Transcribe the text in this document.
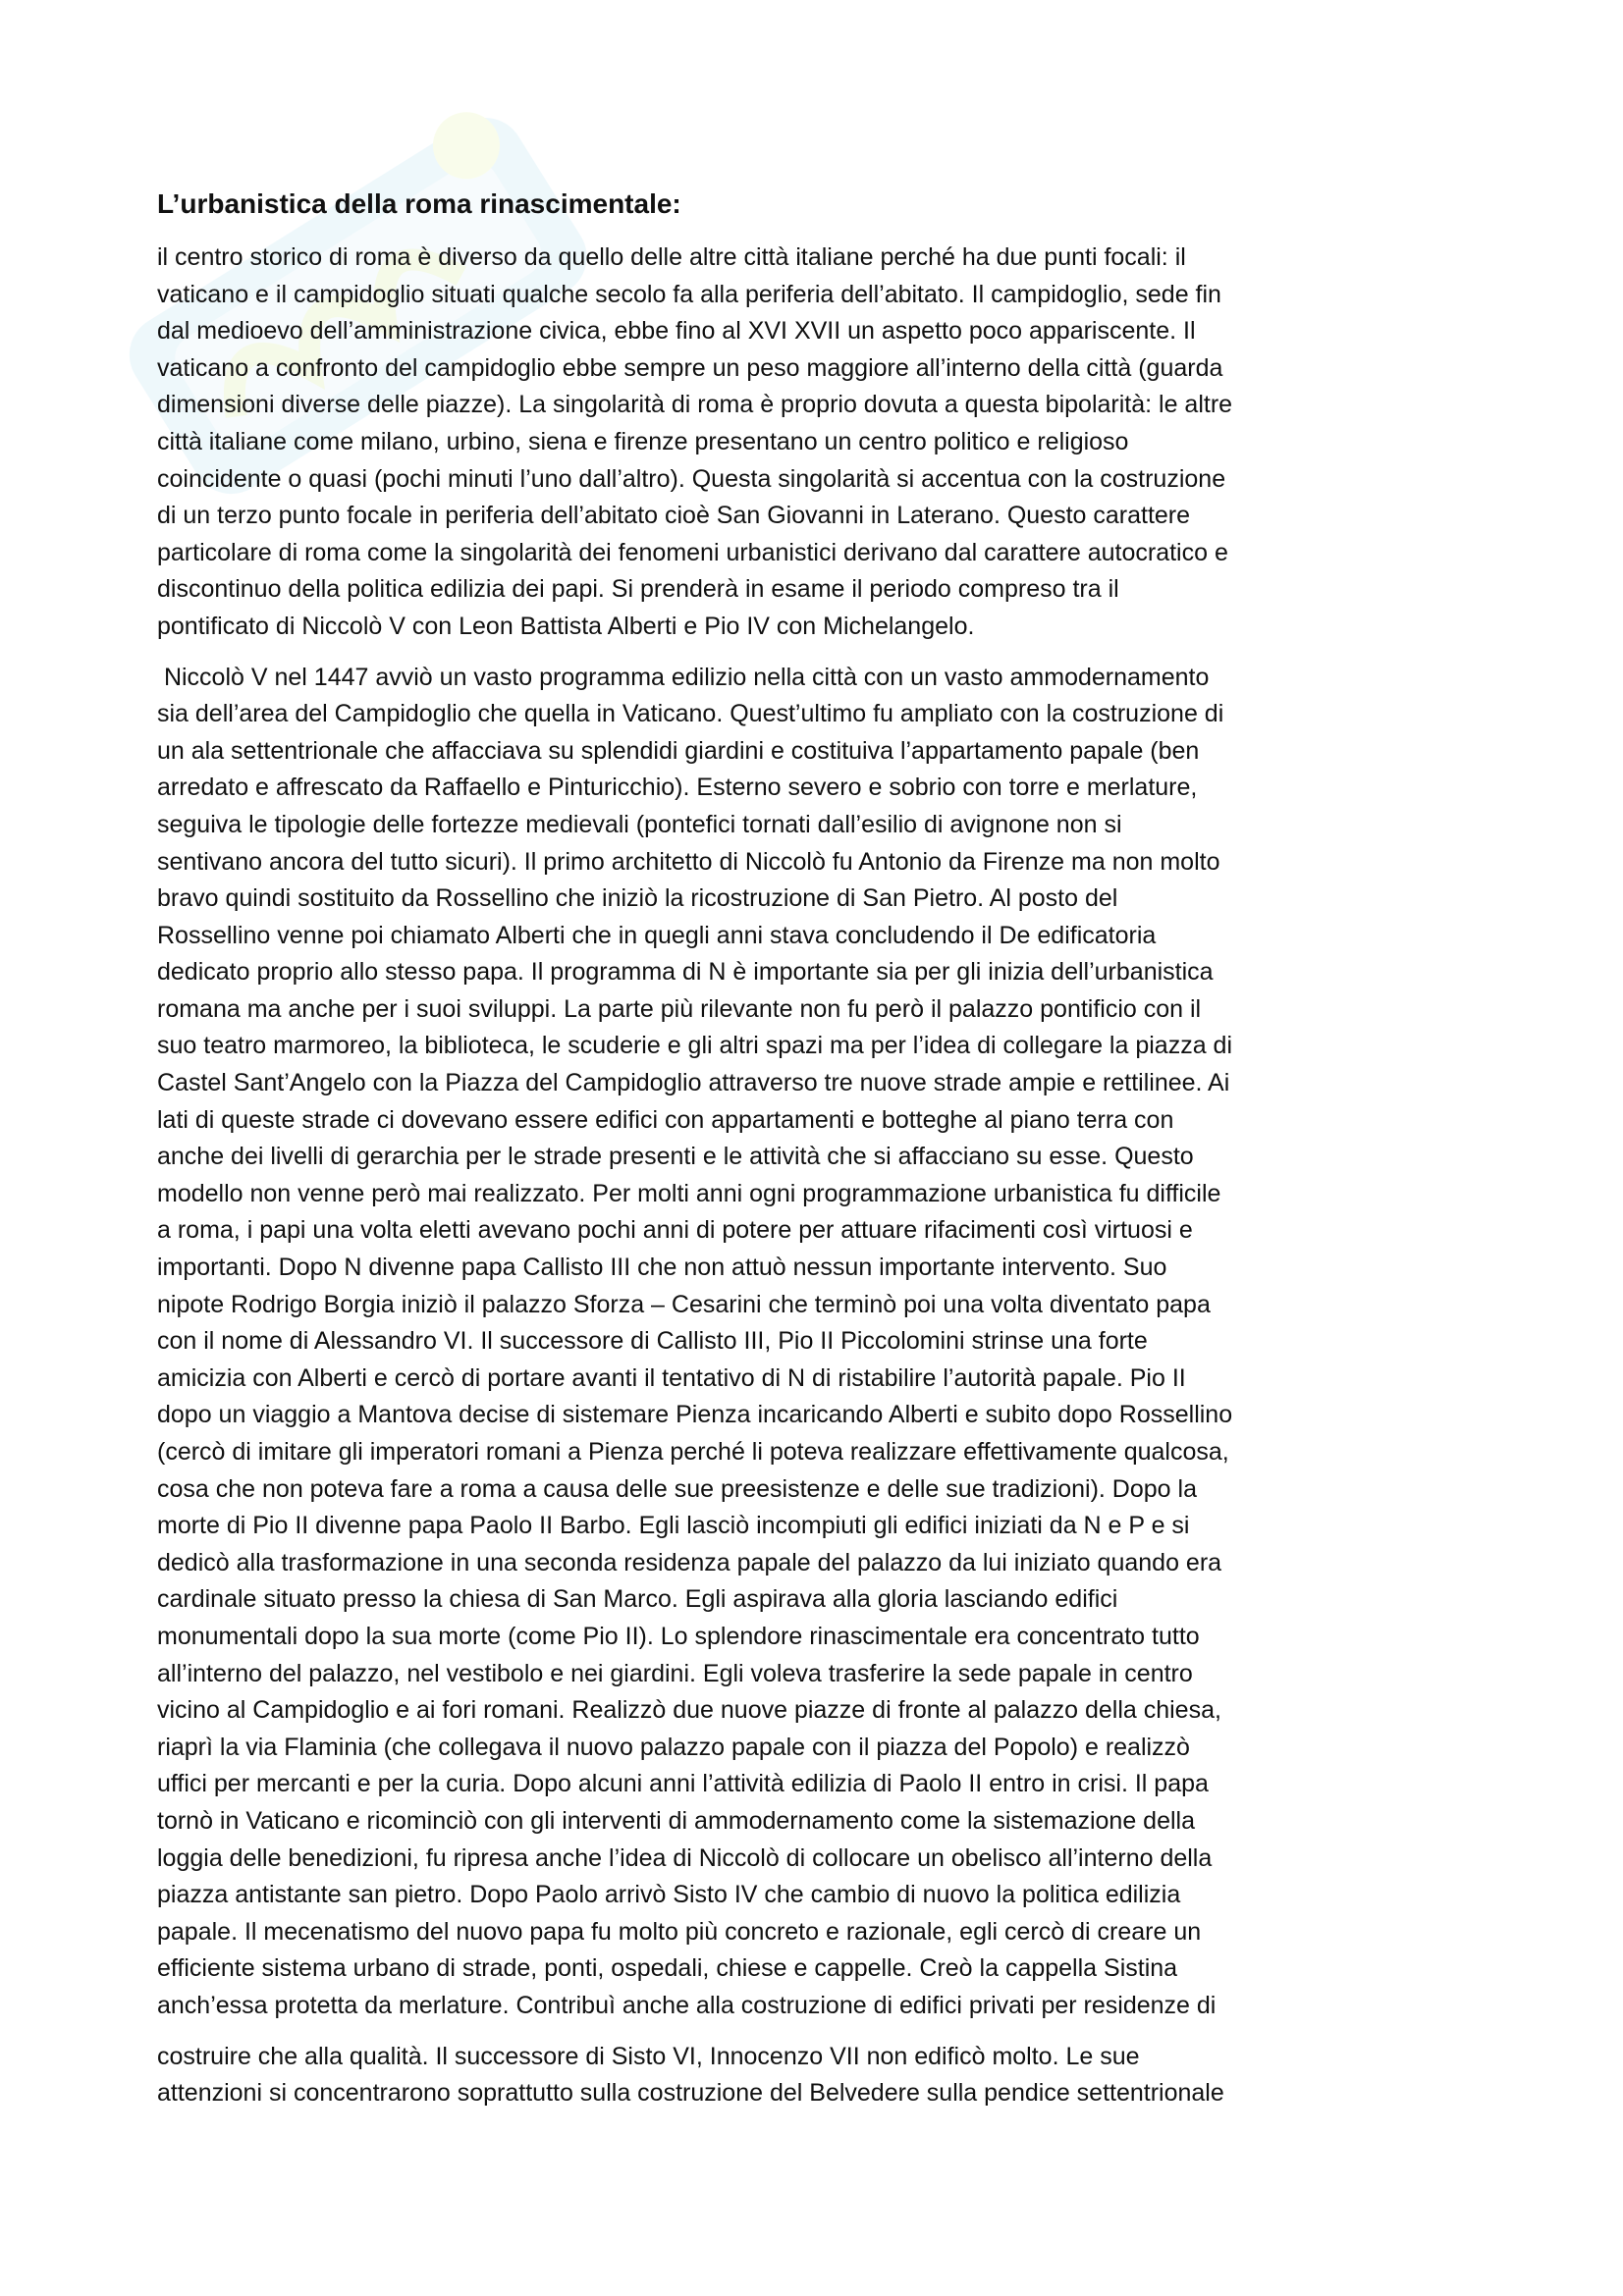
L’urbanistica della roma rinascimentale:

il centro storico di roma è diverso da quello delle altre città italiane perché ha due punti focali: il
vaticano e il campidoglio situati qualche secolo fa alla periferia dell’abitato. Il campidoglio, sede fin
dal medioevo dell’amministrazione civica, ebbe fino al XVI XVII un aspetto poco appariscente. Il
vaticano a confronto del campidoglio ebbe sempre un peso maggiore all’interno della città (guarda
dimensioni diverse delle piazze). La singolarità di roma è proprio dovuta a questa bipolarità: le altre
città italiane come milano, urbino, siena e firenze presentano un centro politico e religioso
coincidente o quasi (pochi minuti l’uno dall’altro). Questa singolarità si accentua con la costruzione
di un terzo punto focale in periferia dell’abitato cioè San Giovanni in Laterano. Questo carattere
particolare di roma come la singolarità dei fenomeni urbanistici derivano dal carattere autocratico e
discontinuo della politica edilizia dei papi. Si prenderà in esame il periodo compreso tra il
pontificato di Niccolò V con Leon Battista Alberti e Pio IV con Michelangelo.

Niccolò V nel 1447 avviò un vasto programma edilizio nella città con un vasto ammodernamento
sia dell’area del Campidoglio che quella in Vaticano. Quest’ultimo fu ampliato con la costruzione di
un ala settentrionale che affacciava su splendidi giardini e costituiva l’appartamento papale (ben
arredato e affrescato da Raffaello e Pinturicchio). Esterno severo e sobrio con torre e merlature,
seguiva le tipologie delle fortezze medievali (pontefici tornati dall’esilio di avignone non si
sentivano ancora del tutto sicuri). Il primo architetto di Niccolò fu Antonio da Firenze ma non molto
bravo quindi sostituito da Rossellino che iniziò la ricostruzione di San Pietro. Al posto del
Rossellino venne poi chiamato Alberti che in quegli anni stava concludendo il De edificatoria
dedicato proprio allo stesso papa. Il programma di N è importante sia per gli inizia dell’urbanistica
romana ma anche per i suoi sviluppi. La parte più rilevante non fu però il palazzo pontificio con il
suo teatro marmoreo, la biblioteca, le scuderie e gli altri spazi ma per l’idea di collegare la piazza di
Castel Sant’Angelo con la Piazza del Campidoglio attraverso tre nuove strade ampie e rettilinee. Ai
lati di queste strade ci dovevano essere edifici con appartamenti e botteghe al piano terra con
anche dei livelli di gerarchia per le strade presenti e le attività che si affacciano su esse. Questo
modello non venne però mai realizzato. Per molti anni ogni programmazione urbanistica fu difficile
a roma, i papi una volta eletti avevano pochi anni di potere per attuare rifacimenti così virtuosi e
importanti. Dopo N divenne papa Callisto III che non attuò nessun importante intervento. Suo
nipote Rodrigo Borgia iniziò il palazzo Sforza – Cesarini che terminò poi una volta diventato papa
con il nome di Alessandro VI. Il successore di Callisto III, Pio II Piccolomini strinse una forte
amicizia con Alberti e cercò di portare avanti il tentativo di N di ristabilire l’autorità papale. Pio II
dopo un viaggio a Mantova decise di sistemare Pienza incaricando Alberti e subito dopo Rossellino
(cercò di imitare gli imperatori romani a Pienza perché li poteva realizzare effettivamente qualcosa,
cosa che non poteva fare a roma a causa delle sue preesistenze e delle sue tradizioni). Dopo la
morte di Pio II divenne papa Paolo II Barbo. Egli lasciò incompiuti gli edifici iniziati da N e P e si
dedicò alla trasformazione in una seconda residenza papale del palazzo da lui iniziato quando era
cardinale situato presso la chiesa di San Marco. Egli aspirava alla gloria lasciando edifici
monumentali dopo la sua morte (come Pio II). Lo splendore rinascimentale era concentrato tutto
all’interno del palazzo, nel vestibolo e nei giardini. Egli voleva trasferire la sede papale in centro
vicino al Campidoglio e ai fori romani. Realizzò due nuove piazze di fronte al palazzo della chiesa,
riaprì la via Flaminia (che collegava il nuovo palazzo papale con il piazza del Popolo) e realizzò
uffici per mercanti e per la curia. Dopo alcuni anni l’attività edilizia di Paolo II entro in crisi. Il papa
tornò in Vaticano e ricominciò con gli interventi di ammodernamento come la sistemazione della
loggia delle benedizioni, fu ripresa anche l’idea di Niccolò di collocare un obelisco all’interno della
piazza antistante san pietro. Dopo Paolo arrivò Sisto IV che cambio di nuovo la politica edilizia
papale. Il mecenatismo del nuovo papa fu molto più concreto e razionale, egli cercò di creare un
efficiente sistema urbano di strade, ponti, ospedali, chiese e cappelle. Creò la cappella Sistina
anch’essa protetta da merlature. Contribuì anche alla costruzione di edifici privati per residenze di

costruire che alla qualità. Il successore di Sisto VI, Innocenzo VII non edificò molto. Le sue
attenzioni si concentrarono soprattutto sulla costruzione del Belvedere sulla pendice settentrionale
